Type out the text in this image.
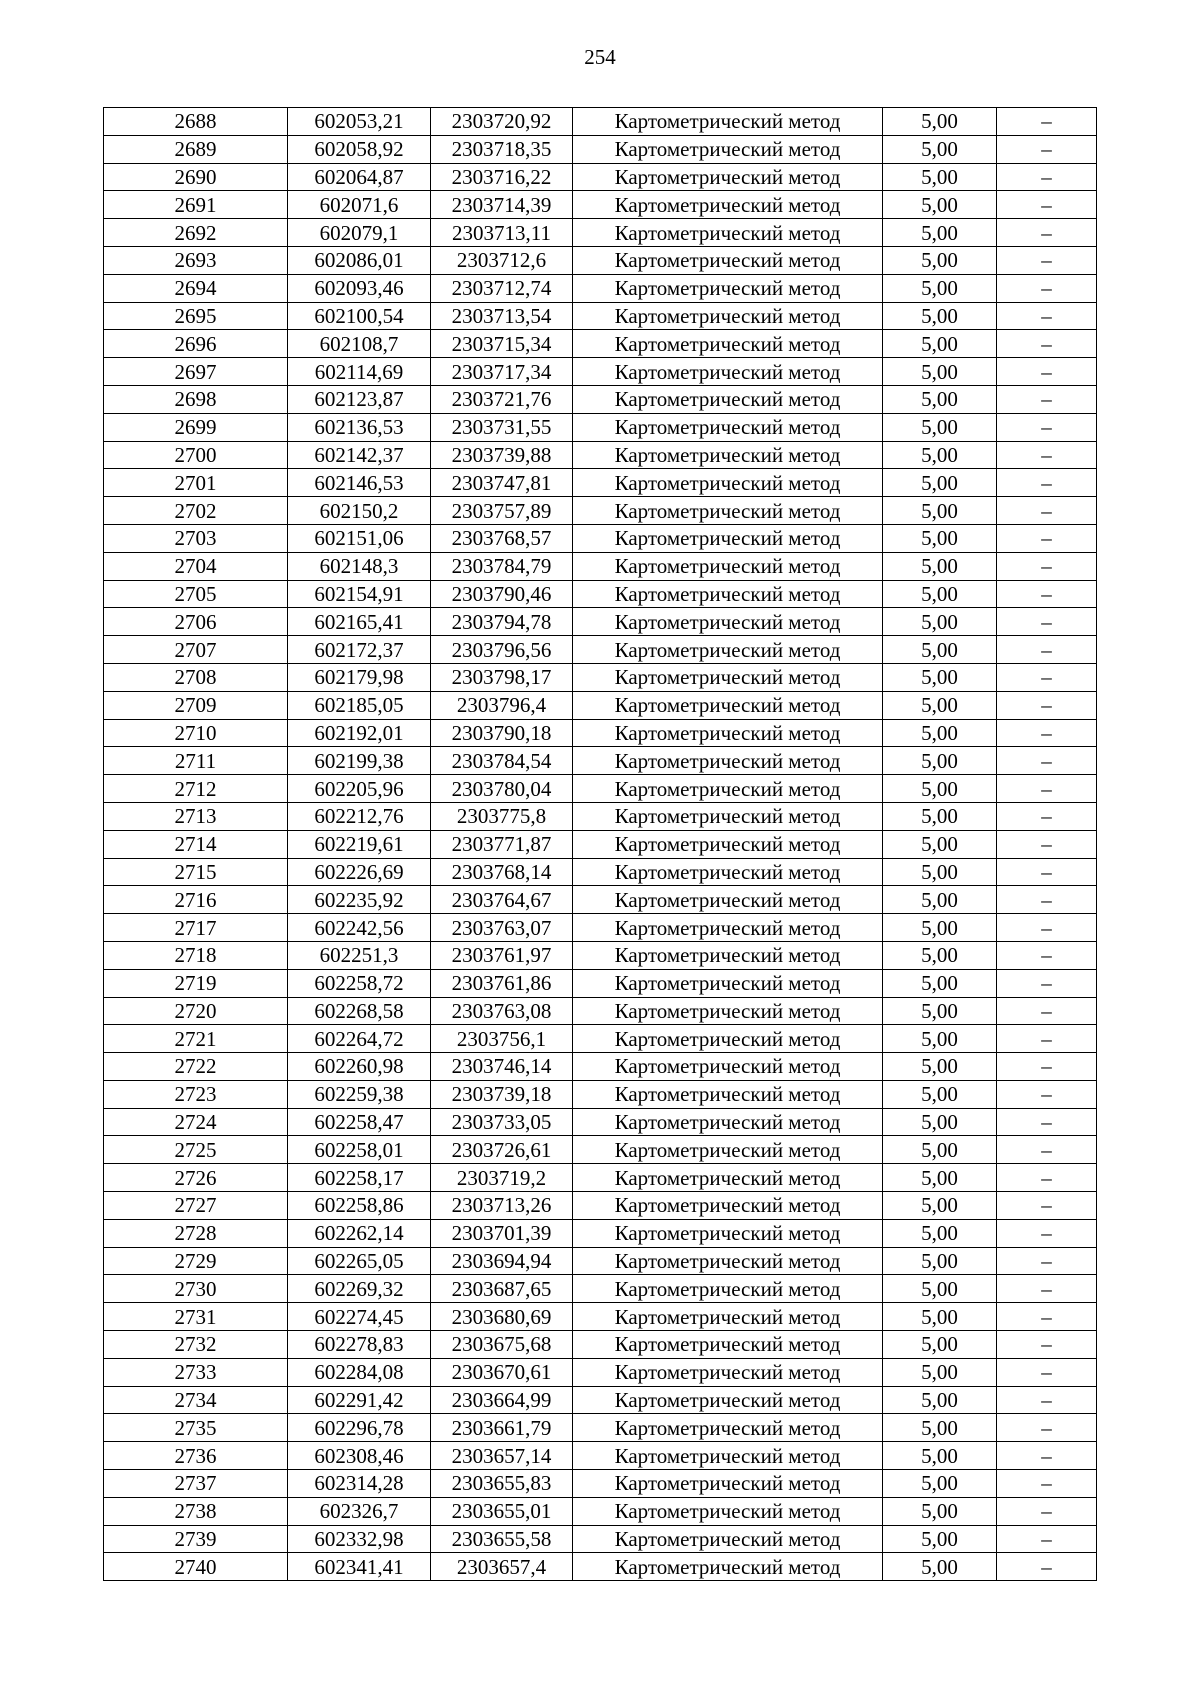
254
2688	602053,21	2303720,92	Картометрический метод	5,00	–
2689	602058,92	2303718,35	Картометрический метод	5,00	–
2690	602064,87	2303716,22	Картометрический метод	5,00	–
2691	602071,6	2303714,39	Картометрический метод	5,00	–
2692	602079,1	2303713,11	Картометрический метод	5,00	–
2693	602086,01	2303712,6	Картометрический метод	5,00	–
2694	602093,46	2303712,74	Картометрический метод	5,00	–
2695	602100,54	2303713,54	Картометрический метод	5,00	–
2696	602108,7	2303715,34	Картометрический метод	5,00	–
2697	602114,69	2303717,34	Картометрический метод	5,00	–
2698	602123,87	2303721,76	Картометрический метод	5,00	–
2699	602136,53	2303731,55	Картометрический метод	5,00	–
2700	602142,37	2303739,88	Картометрический метод	5,00	–
2701	602146,53	2303747,81	Картометрический метод	5,00	–
2702	602150,2	2303757,89	Картометрический метод	5,00	–
2703	602151,06	2303768,57	Картометрический метод	5,00	–
2704	602148,3	2303784,79	Картометрический метод	5,00	–
2705	602154,91	2303790,46	Картометрический метод	5,00	–
2706	602165,41	2303794,78	Картометрический метод	5,00	–
2707	602172,37	2303796,56	Картометрический метод	5,00	–
2708	602179,98	2303798,17	Картометрический метод	5,00	–
2709	602185,05	2303796,4	Картометрический метод	5,00	–
2710	602192,01	2303790,18	Картометрический метод	5,00	–
2711	602199,38	2303784,54	Картометрический метод	5,00	–
2712	602205,96	2303780,04	Картометрический метод	5,00	–
2713	602212,76	2303775,8	Картометрический метод	5,00	–
2714	602219,61	2303771,87	Картометрический метод	5,00	–
2715	602226,69	2303768,14	Картометрический метод	5,00	–
2716	602235,92	2303764,67	Картометрический метод	5,00	–
2717	602242,56	2303763,07	Картометрический метод	5,00	–
2718	602251,3	2303761,97	Картометрический метод	5,00	–
2719	602258,72	2303761,86	Картометрический метод	5,00	–
2720	602268,58	2303763,08	Картометрический метод	5,00	–
2721	602264,72	2303756,1	Картометрический метод	5,00	–
2722	602260,98	2303746,14	Картометрический метод	5,00	–
2723	602259,38	2303739,18	Картометрический метод	5,00	–
2724	602258,47	2303733,05	Картометрический метод	5,00	–
2725	602258,01	2303726,61	Картометрический метод	5,00	–
2726	602258,17	2303719,2	Картометрический метод	5,00	–
2727	602258,86	2303713,26	Картометрический метод	5,00	–
2728	602262,14	2303701,39	Картометрический метод	5,00	–
2729	602265,05	2303694,94	Картометрический метод	5,00	–
2730	602269,32	2303687,65	Картометрический метод	5,00	–
2731	602274,45	2303680,69	Картометрический метод	5,00	–
2732	602278,83	2303675,68	Картометрический метод	5,00	–
2733	602284,08	2303670,61	Картометрический метод	5,00	–
2734	602291,42	2303664,99	Картометрический метод	5,00	–
2735	602296,78	2303661,79	Картометрический метод	5,00	–
2736	602308,46	2303657,14	Картометрический метод	5,00	–
2737	602314,28	2303655,83	Картометрический метод	5,00	–
2738	602326,7	2303655,01	Картометрический метод	5,00	–
2739	602332,98	2303655,58	Картометрический метод	5,00	–
2740	602341,41	2303657,4	Картометрический метод	5,00	–
